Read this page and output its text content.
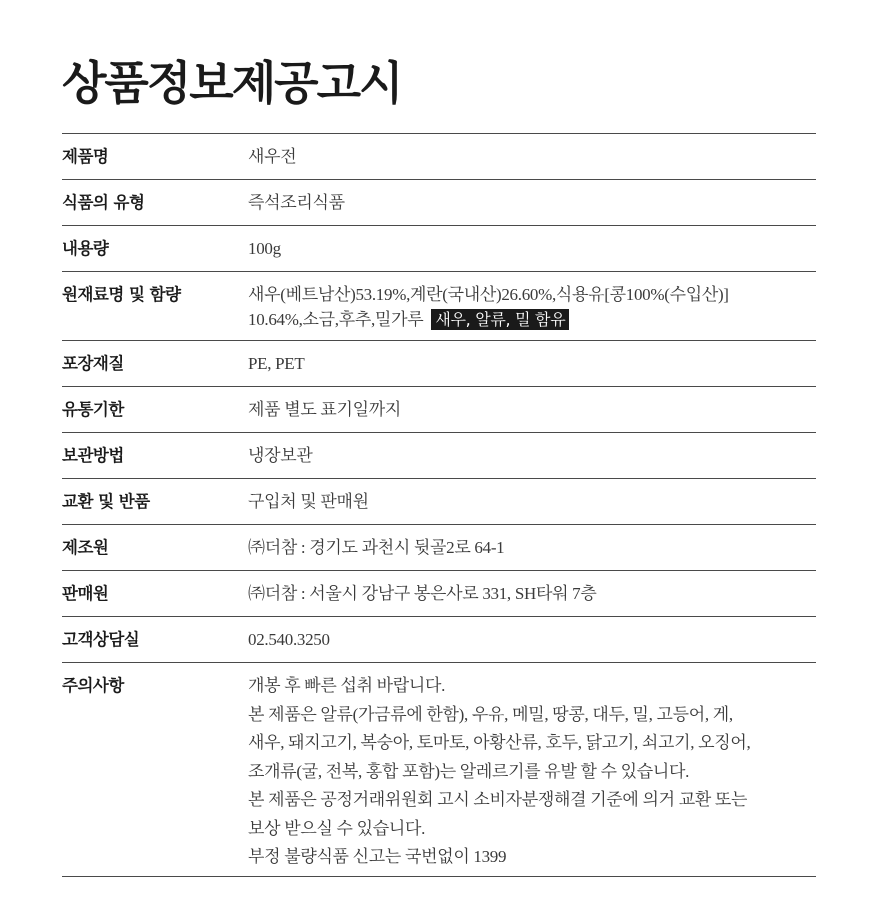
상품정보제공고시
제품명	새우전
식품의 유형	즉석조리식품
내용량	100g
원재료명 및 함량	새우(베트남산)53.19%,계란(국내산)26.60%,식용유[콩100%(수입산)]
10.64%,소금,후추,밀가루 새우, 알류, 밀 함유
포장재질	PE, PET
유통기한	제품 별도 표기일까지
보관방법	냉장보관
교환 및 반품	구입처 및 판매원
제조원	㈜더참 : 경기도 과천시 뒷골2로 64-1
판매원	㈜더참 : 서울시 강남구 봉은사로 331, SH타워 7층
고객상담실	02.540.3250
주의사항	개봉 후 빠른 섭취 바랍니다.
본 제품은 알류(가금류에 한함), 우유, 메밀, 땅콩, 대두, 밀, 고등어, 게,
새우, 돼지고기, 복숭아, 토마토, 아황산류, 호두, 닭고기, 쇠고기, 오징어,
조개류(굴, 전복, 홍합 포함)는 알레르기를 유발 할 수 있습니다.
본 제품은 공정거래위원회 고시 소비자분쟁해결 기준에 의거 교환 또는
보상 받으실 수 있습니다.
부정 불량식품 신고는 국번없이 1399
